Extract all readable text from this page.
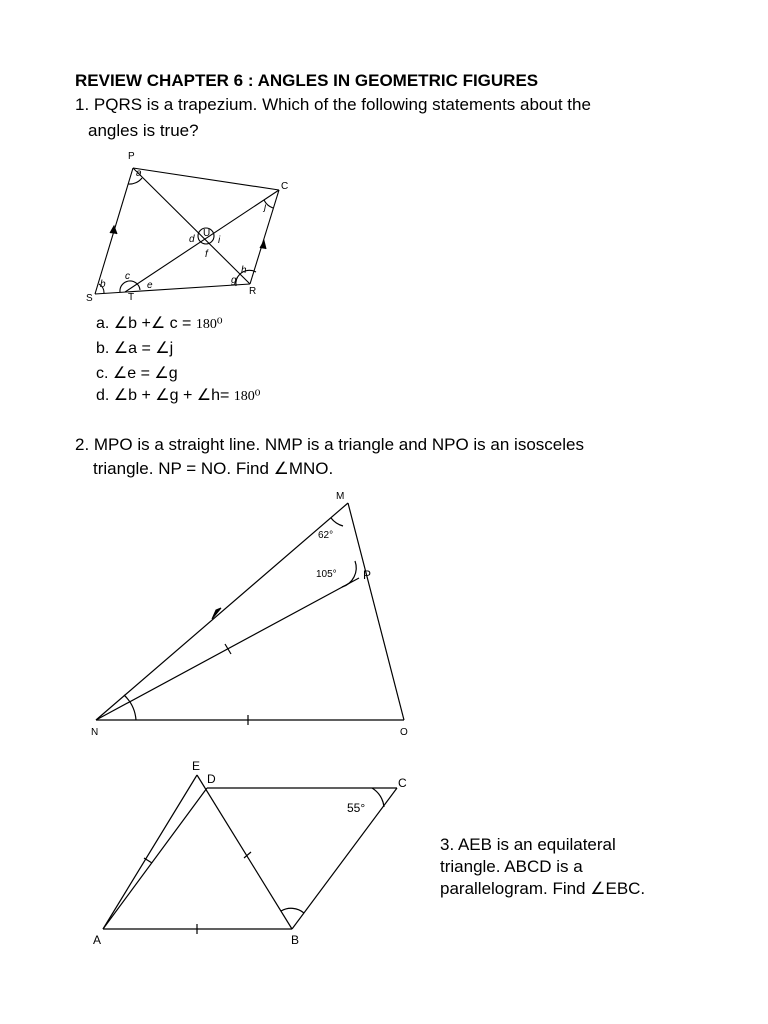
REVIEW CHAPTER 6 : ANGLES IN GEOMETRIC FIGURES
1. PQRS is a trapezium. Which of the following statements about the
angles is true?
P
C
S	T
R
U
a
b
c
d
e
f
g
h
i
j
a. ∠b +∠ c = 180⁰
b. ∠a = ∠j
c. ∠e = ∠g
d. ∠b + ∠g + ∠h= 180⁰
2. MPO is a straight line. NMP is a triangle and NPO is an isosceles
triangle. NP = NO. Find ∠MNO.
M
P
N	O
62°
105°
E
D	C
A	B
55°
3. AEB is an equilateral
triangle. ABCD is a
parallelogram. Find ∠EBC.
